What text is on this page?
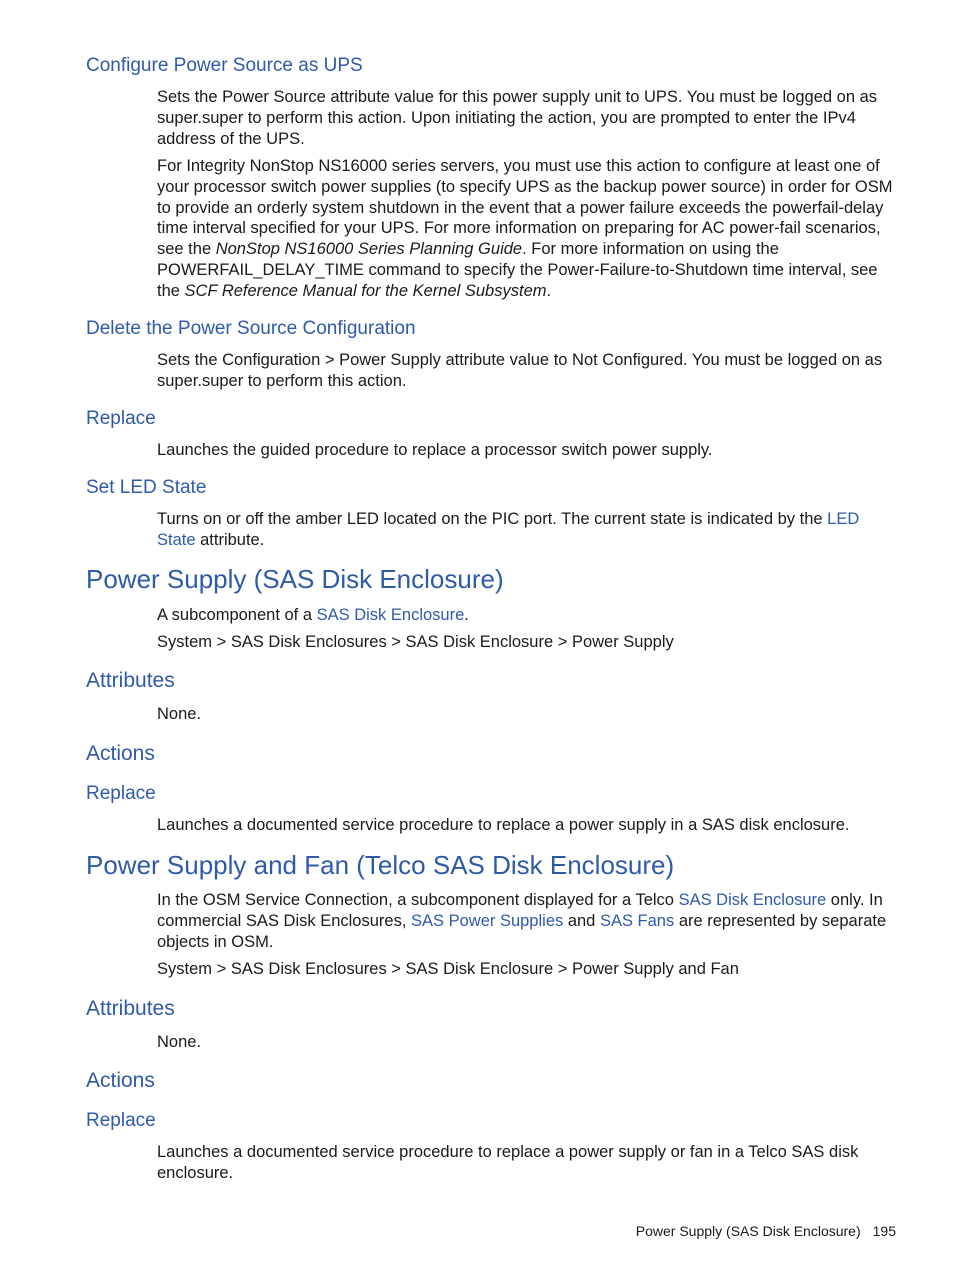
Configure Power Source as UPS

Sets the Power Source attribute value for this power supply unit to UPS. You must be logged on as super.super to perform this action. Upon initiating the action, you are prompted to enter the IPv4 address of the UPS.

For Integrity NonStop NS16000 series servers, you must use this action to configure at least one of your processor switch power supplies (to specify UPS as the backup power source) in order for OSM to provide an orderly system shutdown in the event that a power failure exceeds the powerfail-delay time interval specified for your UPS. For more information on preparing for AC power-fail scenarios, see the NonStop NS16000 Series Planning Guide. For more information on using the POWERFAIL_DELAY_TIME command to specify the Power-Failure-to-Shutdown time interval, see the SCF Reference Manual for the Kernel Subsystem.

Delete the Power Source Configuration

Sets the Configuration > Power Supply attribute value to Not Configured. You must be logged on as super.super to perform this action.

Replace

Launches the guided procedure to replace a processor switch power supply.

Set LED State

Turns on or off the amber LED located on the PIC port. The current state is indicated by the LED State attribute.

Power Supply (SAS Disk Enclosure)

A subcomponent of a SAS Disk Enclosure.

System > SAS Disk Enclosures > SAS Disk Enclosure > Power Supply

Attributes

None.

Actions
Replace

Launches a documented service procedure to replace a power supply in a SAS disk enclosure.

Power Supply and Fan (Telco SAS Disk Enclosure)

In the OSM Service Connection, a subcomponent displayed for a Telco SAS Disk Enclosure only. In commercial SAS Disk Enclosures, SAS Power Supplies and SAS Fans are represented by separate objects in OSM.

System > SAS Disk Enclosures > SAS Disk Enclosure > Power Supply and Fan

Attributes

None.

Actions
Replace

Launches a documented service procedure to replace a power supply or fan in a Telco SAS disk enclosure.

Power Supply (SAS Disk Enclosure) 195
